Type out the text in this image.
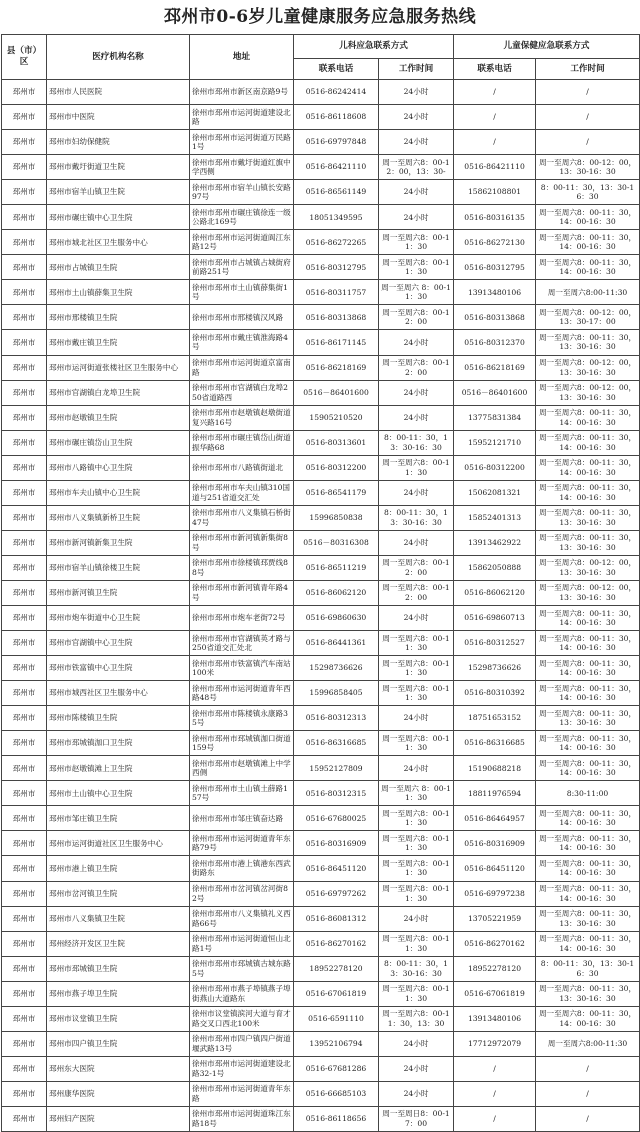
邳州市0-6岁儿童健康服务应急服务热线
县（市）区	医疗机构名称	地址	儿科应急联系方式		儿童保健应急联系方式	
			联系电话	工作时间	联系电话	工作时间
邳州市	邳州市人民医院	徐州市邳州市新区南京路9号	0516-86242414	24小时	/	/
邳州市	邳州市中医院	徐州市邳州市运河街道建设北路	0516-86118608	24小时	/	/
邳州市	邳州市妇幼保健院	徐州市邳州市运河街道万民路1号	0516-69797848	24小时	/	/
邳州市	邳州市戴圩街道卫生院	徐州市邳州市戴圩街道红旗中学西侧	0516-86421110	周一至周六8：00-12：00，13：30-	0516-86421110	周一至周六8：00-12：00，13：30-16：30
邳州市	邳州市宿羊山镇卫生院	徐州市邳州市宿羊山镇长安路97号	0516-86561149	24小时	15862108801	8：00-11：30，13：30-16：30
邳州市	邳州市碾庄镇中心卫生院	徐州市邳州市碾庄镇徐连一级公路北169号	18051349595	24小时	0516-80316135	周一至周六8：00-11：30，14：00-16：30
邳州市	邳州市城北社区卫生服务中心	徐州市邳州市运河街道阆江东路12号	0516-86272265	周一至周六8：00-11：30	0516-86272130	周一至周六8：00-11：30，14：00-16：30
邳州市	邳州市占城镇卫生院	徐州市邳州市占城镇占城街府前路251号	0516-80312795	周一至周六8：00-11：30	0516-80312795	周一至周六8：00-11：30，14：00-16：30
邳州市	邳州市土山镇薛集卫生院	徐州市邳州市土山镇薛集街1号	0516-80311757	周一至周六 8：00-11：30	13913480106	周一至周六8:00-11:30
邳州市	邳州市邢楼镇卫生院	徐州市邳州市邢楼镇汉风路	0516-80313868	周一至周六8：00-12：00	0516-80313868	周一至周六8：00-12：00，13：30-17：00
邳州市	邳州市戴庄镇卫生院	徐州市邳州市戴庄镇淮海路4号	0516-86171145	24小时	0516-80312370	周一至周六8：00-11：30，13：30-16：30
邳州市	邳州市运河街道张楼社区卫生服务中心	徐州市邳州市运河街道京富南路	0516-86218169	周一至周六8：00-12：00	0516-86218169	周一至周六8：00-12：00，13：30-16：30
邳州市	邳州市官湖镇白龙埠卫生院	徐州市邳州市官湖镇白龙埠250省道路西	0516－86401600	24小时	0516－86401600	周一至周六8：00-12：00，13：30-16：30
邳州市	邳州市赵墩镇卫生院	徐州市邳州市赵墩镇赵墩街道复兴路16号	15905210520	24小时	13775831384	周一至周六8：00-11：30，14：00-16：30
邳州市	邳州市碾庄镇岱山卫生院	徐州市邳州市碾庄镇岱山街道振华路68	0516-80313601	8：00-11：30，13：30-16：30	15952121710	周一至周六8：00-11：30，14：00-16：30
邳州市	邳州市八路镇中心卫生院	徐州市邳州市八路镇街道北	0516-80312200	周一至周六8：00-11：30	0516-80312200	周一至周六8：00-11：30，14：00-16：30
邳州市	邳州市车夫山镇中心卫生院	徐州市邳州市车夫山镇310国道与251省道交汇处	0516-86541179	24小时	15062081321	周一至周六8：00-11：30，14：00-16：30
邳州市	邳州市八义集镇新桥卫生院	徐州市邳州市八义集镇石桥街47号	15996850838	8：00-11：30，13：30-16：30	15852401313	周一至周六8：00-11：30，13：30-16：30
邳州市	邳州市新河镇新集卫生院	徐州市邳州市新河镇新集街8号	0516－80316308	24小时	13913462922	周一至周六8：00-11：30，13：30-16：30
邳州市	邳州市宿羊山镇徐楼卫生院	徐州市邳州市徐楼镇邳贾线88号	0516-86511219	周一至周六8：00-12：00	15862050888	周一至周六8：00-12：00，13：30-16：30
邳州市	邳州市新河镇卫生院	徐州市邳州市新河镇青年路4号	0516-86062120	周一至周六8：00-12：00	0516-86062120	周一至周六8：00-12：00，13：30-16：30
邳州市	邳州市炮车街道中心卫生院	徐州市邳州市炮车老街72号	0516-69860630	24小时	0516-69860713	周一至周六8：00-11：30，14：00-16：30
邳州市	邳州市官湖镇中心卫生院	徐州市邳州市官湖镇英才路与250省道交汇处北	0516-86441361	周一至周六8：00-11：30	0516-80312527	周一至周六8：00-11：30，14：00-16：30
邳州市	邳州市铁富镇中心卫生院	徐州市邳州市铁富镇汽车南站100米	15298736626	周一至周六8：00-11：30	15298736626	周一至周六8：00-11：30，14：00-16：30
邳州市	邳州市城西社区卫生服务中心	徐州市邳州市运河街道青年西路48号	15996858405	周一至周六8：00-11：30	0516-80310392	周一至周六8：00-11：30，14：00-16：30
邳州市	邳州市陈楼镇卫生院	徐州市邳州市陈楼镇永康路35号	0516-80312313	24小时	18751653152	周一至周六8：00-11：30，13：30-16：30
邳州市	邳州市邳城镇泇口卫生院	徐州市邳州市邳城镇泇口街道159号	0516-86316685	周一至周六8：00-11：30	0516-86316685	周一至周六8：00-11：30，14：00-16：30
邳州市	邳州市赵墩镇滩上卫生院	徐州市邳州市赵墩镇滩上中学西侧	15952127809	24小时	15190688218	周一至周六8：00-11：30，14：00-16：30
邳州市	邳州市土山镇中心卫生院	徐州市邳州市土山镇土薛路157号	0516-80312315	周一至周六 8：00-11：30	18811976594	8:30-11:00
邳州市	邳州市邹庄镇卫生院	徐州市邳州市邹庄镇奋达路	0516-67680025	周一至周六8：00-11：30	0516-86464957	周一至周六8：00-11：30，14：00-16：30
邳州市	邳州市运河街道社区卫生服务中心	徐州市邳州市运河街道青年东路79号	0516-80316909	周一至周六8：00-11：30	0516-80316909	周一至周六8：00-11：30，14：00-16：30
邳州市	邳州市港上镇卫生院	徐州市邳州市港上镇港东西武街路东	0516-86451120	周一至周六8：00-11：30	0516-86451120	周一至周六8：00-11：30，14：00-16：30
邳州市	邳州市岔河镇卫生院	徐州市邳州市岔河镇岔河街82号	0516-69797262	周一至周六8：00-11：30	0516-69797238	周一至周六8：00-11：30，14：00-16：30
邳州市	邳州市八义集镇卫生院	徐州市邳州市八义集镇礼义西路66号	0516-86081312	24小时	13705221959	周一至周六8：00-11：30，13：30-16：30
邳州市	邳州经济开发区卫生院	徐州市邳州市运河街道恒山北路1号	0516-86270162	周一至周六8：00-11：30	0516-86270162	周一至周六8：00-11：30，14：00-16：30
邳州市	邳州市邳城镇卫生院	徐州市邳州市邳城镇古城东路5号	18952278120	8：00-11：30，13：30-16：30	18952278120	8：00-11：30，13：30-16：30
邳州市	邳州市燕子埠卫生院	徐州市邳州市燕子埠镇燕子埠街燕山大道路东	0516-67061819	周一至周六8：00-11：30	0516-67061819	周一至周六8：00-11：30，13：30-16：30
邳州市	邳州市议堂镇卫生院	徐州市议堂镇滨河大道与育才路交叉口西北100米	0516-6591110	周一至周六8：00-11：30，13：30	13913480106	周一至周六8：00-11：30，14：00-16：30
邳州市	邳州市四户镇卫生院	徐州市邳州市四户镇四户街道堰武路13号	13952106794	24小时	17712972079	周一至周六8:00-11:30
邳州市	邳州东大医院	徐州市邳州市运河街道建设北路32-1号	0516-67681286	24小时	/	/
邳州市	邳州康华医院	徐州市邳州市运河街道青年东路	0516-66685103	24小时	/	/
邳州市	邳州妇产医院	徐州市邳州市运河街道珠江东路18号	0516-86118656	周一至周日8：00-17：00	/	/
